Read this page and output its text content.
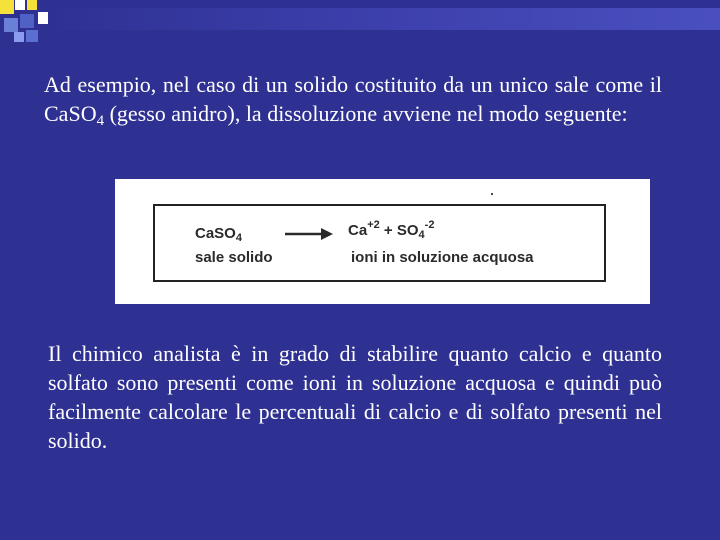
Ad esempio, nel caso di un solido costituito da un unico sale come il CaSO$_4$ (gesso anidro), la dissoluzione avviene nel modo seguente:
CaSO$_4$
sale solido
$Ca^{+2} + SO_4^{-2}$
ioni in soluzione acquosa
Il chimico analista è in grado di stabilire quanto calcio e quanto solfato sono presenti come ioni in soluzione acquosa e quindi può facilmente calcolare le percentuali di calcio e di solfato presenti nel solido.
